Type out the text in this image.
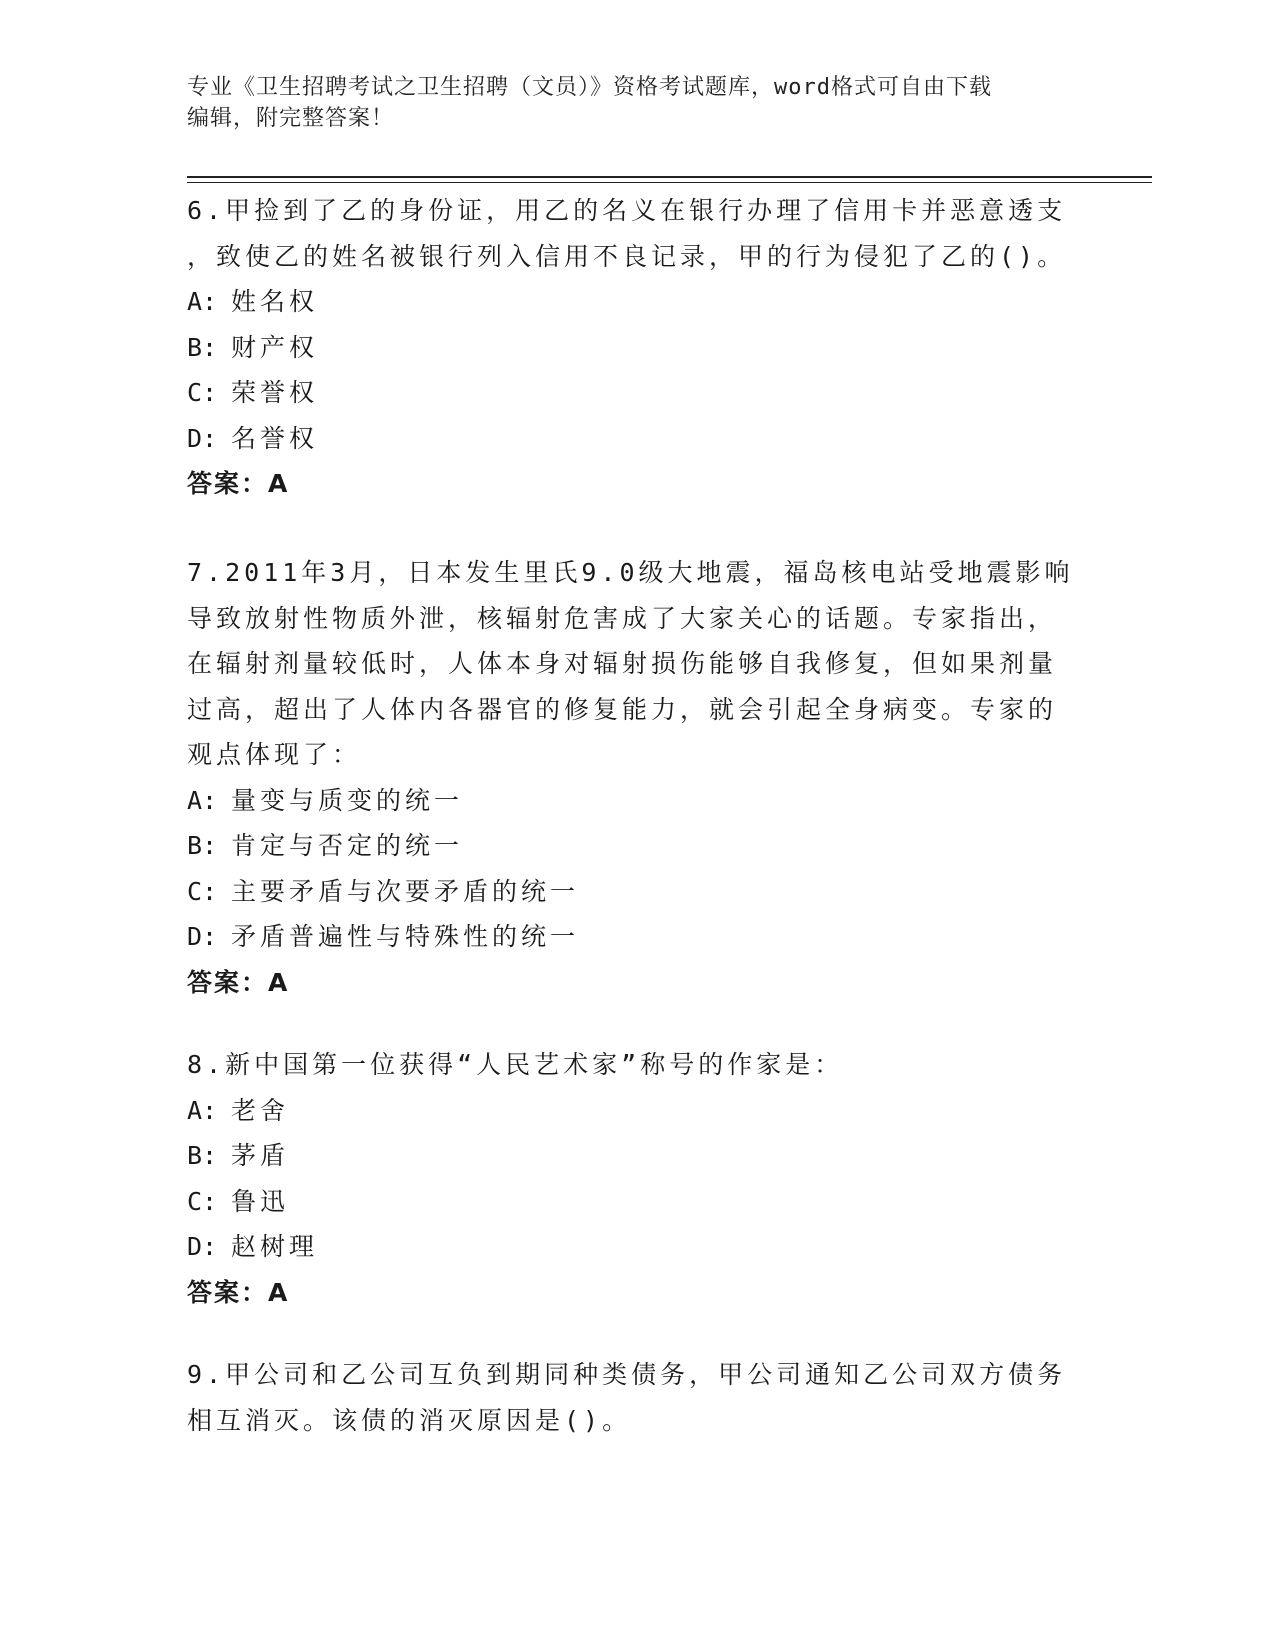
专业《卫生招聘考试之卫生招聘（文员）》资格考试题库，word格式可自由下载
编辑，附完整答案！
6.甲捡到了乙的身份证，用乙的名义在银行办理了信用卡并恶意透支
，致使乙的姓名被银行列入信用不良记录，甲的行为侵犯了乙的()。
A: 姓名权
B: 财产权
C: 荣誉权
D: 名誉权
答案：A
7.2011年3月，日本发生里氏9.0级大地震，福岛核电站受地震影响
导致放射性物质外泄，核辐射危害成了大家关心的话题。专家指出，
在辐射剂量较低时，人体本身对辐射损伤能够自我修复，但如果剂量
过高，超出了人体内各器官的修复能力，就会引起全身病变。专家的
观点体现了：
A: 量变与质变的统一
B: 肯定与否定的统一
C: 主要矛盾与次要矛盾的统一
D: 矛盾普遍性与特殊性的统一
答案：A
8.新中国第一位获得“人民艺术家”称号的作家是：
A: 老舍
B: 茅盾
C: 鲁迅
D: 赵树理
答案：A
9.甲公司和乙公司互负到期同种类债务，甲公司通知乙公司双方债务
相互消灭。该债的消灭原因是()。
